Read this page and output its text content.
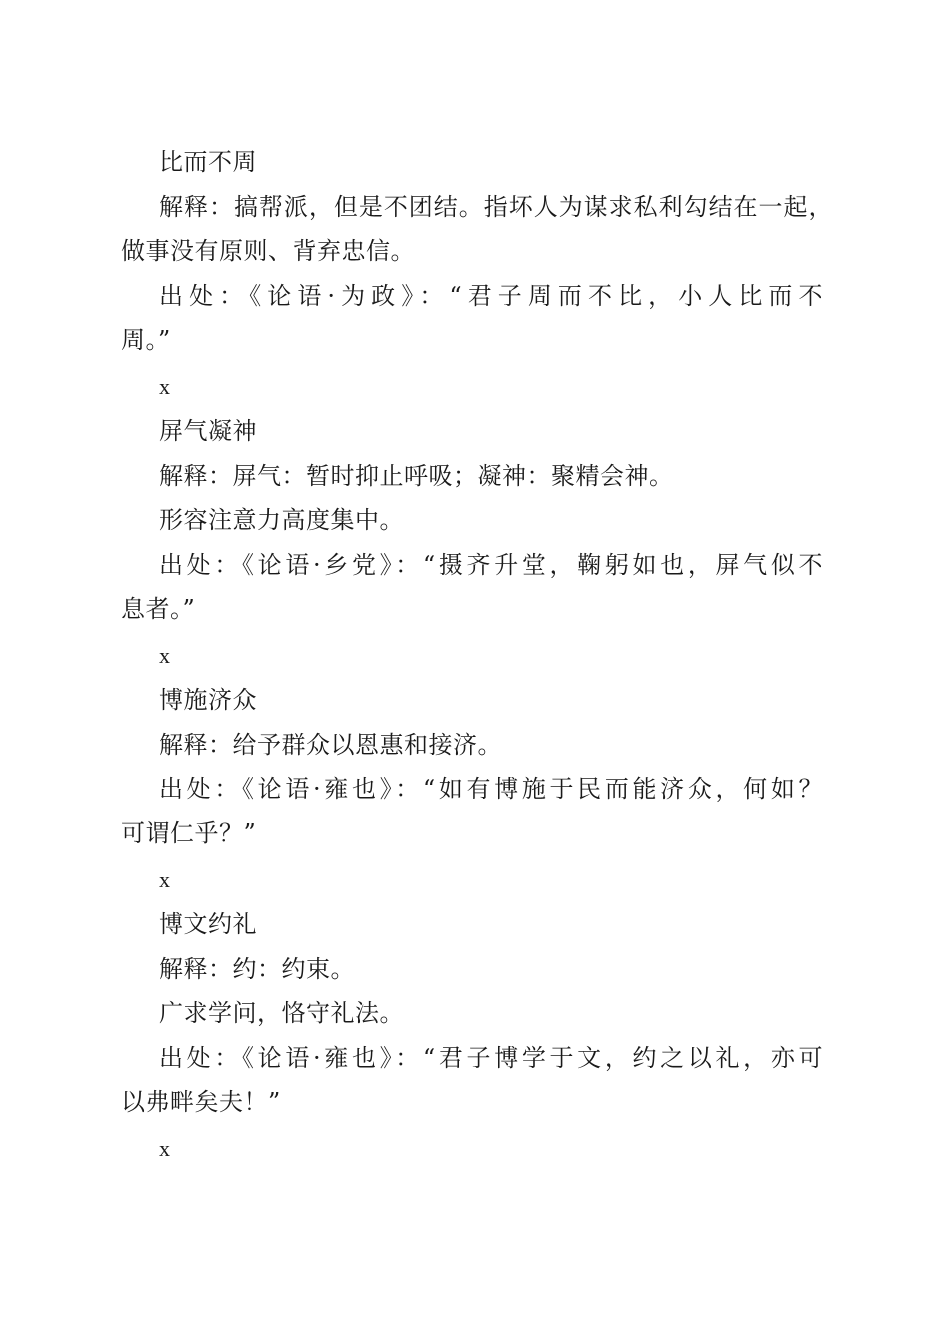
比而不周
解释：搞帮派，但是不团结。指坏人为谋求私利勾结在一起，
做事没有原则、背弃忠信。
出处：《论语·为政》：“君子周而不比，小人比而不
周。”
x
屏气凝神
解释：屏气：暂时抑止呼吸；凝神：聚精会神。
形容注意力高度集中。
出处：《论语·乡党》：“摄齐升堂，鞠躬如也，屏气似不
息者。”
x
博施济众
解释：给予群众以恩惠和接济。
出处：《论语·雍也》：“如有博施于民而能济众，何如？
可谓仁乎？”
x
博文约礼
解释：约：约束。
广求学问，恪守礼法。
出处：《论语·雍也》：“君子博学于文，约之以礼，亦可
以弗畔矣夫！”
x
